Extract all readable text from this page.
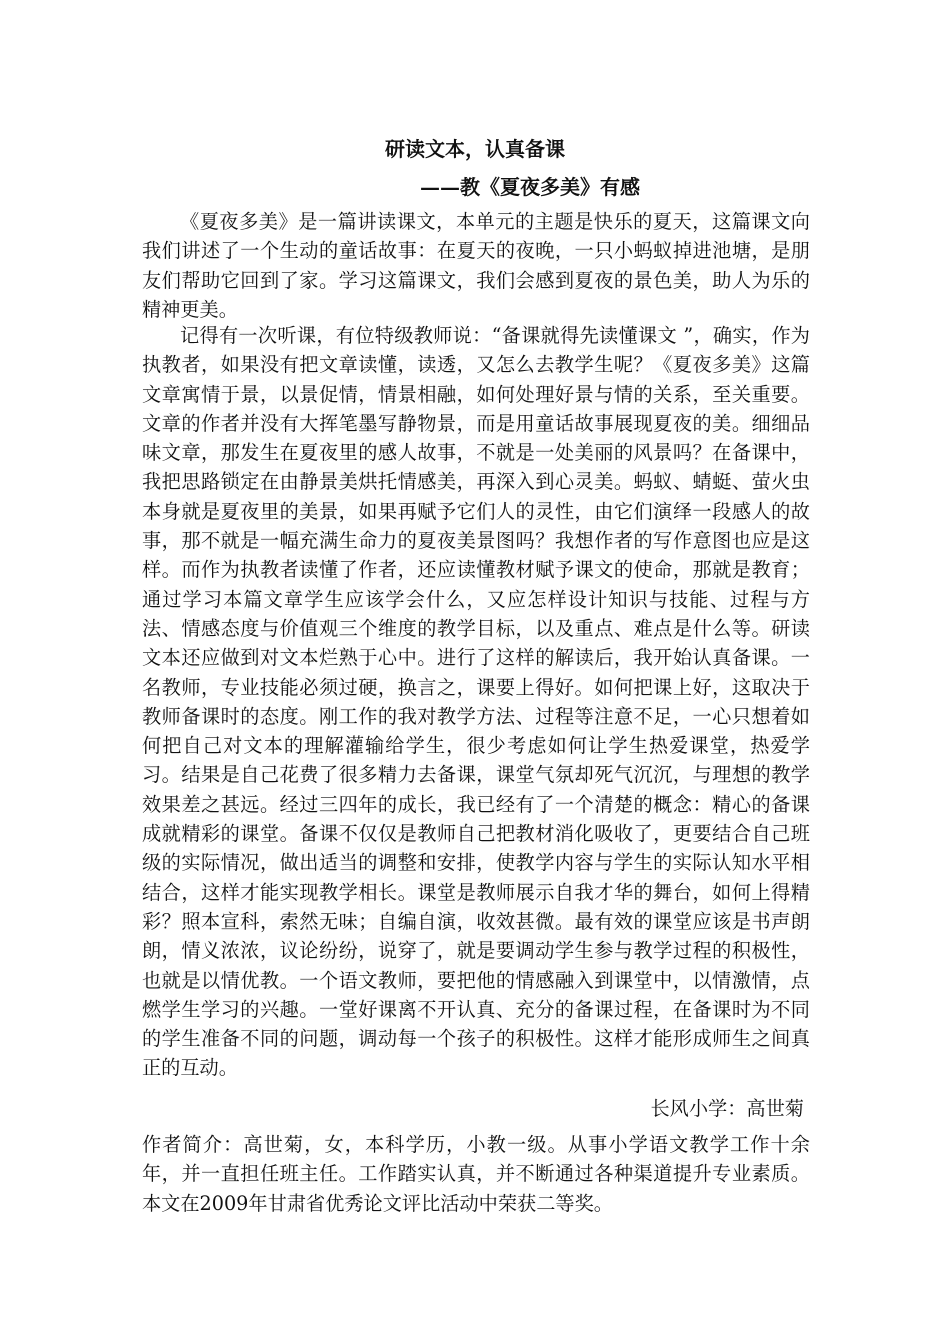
研读文本，认真备课
——教《夏夜多美》有感

《夏夜多美》是一篇讲读课文，本单元的主题是快乐的夏天，这篇课文向我们讲述了一个生动的童话故事：在夏天的夜晚，一只小蚂蚁掉进池塘，是朋友们帮助它回到了家。学习这篇课文，我们会感到夏夜的景色美，助人为乐的精神更美。

记得有一次听课，有位特级教师说：“备课就得先读懂课文 ”，确实，作为执教者，如果没有把文章读懂，读透，又怎么去教学生呢？《夏夜多美》这篇文章寓情于景，以景促情，情景相融，如何处理好景与情的关系，至关重要。文章的作者并没有大挥笔墨写静物景，而是用童话故事展现夏夜的美。细细品味文章，那发生在夏夜里的感人故事，不就是一处美丽的风景吗？在备课中，我把思路锁定在由静景美烘托情感美，再深入到心灵美。蚂蚁、蜻蜓、萤火虫本身就是夏夜里的美景，如果再赋予它们人的灵性，由它们演绎一段感人的故事，那不就是一幅充满生命力的夏夜美景图吗？我想作者的写作意图也应是这样。而作为执教者读懂了作者，还应读懂教材赋予课文的使命，那就是教育；通过学习本篇文章学生应该学会什么，又应怎样设计知识与技能、过程与方法、情感态度与价值观三个维度的教学目标，以及重点、难点是什么等。研读文本还应做到对文本烂熟于心中。进行了这样的解读后，我开始认真备课。一名教师，专业技能必须过硬，换言之，课要上得好。如何把课上好，这取决于教师备课时的态度。刚工作的我对教学方法、过程等注意不足，一心只想着如何把自己对文本的理解灌输给学生，很少考虑如何让学生热爱课堂，热爱学习。结果是自己花费了很多精力去备课，课堂气氛却死气沉沉，与理想的教学效果差之甚远。经过三四年的成长，我已经有了一个清楚的概念：精心的备课成就精彩的课堂。备课不仅仅是教师自己把教材消化吸收了，更要结合自己班级的实际情况，做出适当的调整和安排，使教学内容与学生的实际认知水平相结合，这样才能实现教学相长。课堂是教师展示自我才华的舞台，如何上得精彩？照本宣科，索然无味；自编自演，收效甚微。最有效的课堂应该是书声朗朗，情义浓浓，议论纷纷，说穿了，就是要调动学生参与教学过程的积极性，也就是以情优教。一个语文教师，要把他的情感融入到课堂中，以情激情，点燃学生学习的兴趣。一堂好课离不开认真、充分的备课过程，在备课时为不同的学生准备不同的问题，调动每一个孩子的积极性。这样才能形成师生之间真正的互动。

长风小学：高世菊

作者简介：高世菊，女，本科学历，小教一级。从事小学语文教学工作十余年，并一直担任班主任。工作踏实认真，并不断通过各种渠道提升专业素质。本文在2009年甘肃省优秀论文评比活动中荣获二等奖。
